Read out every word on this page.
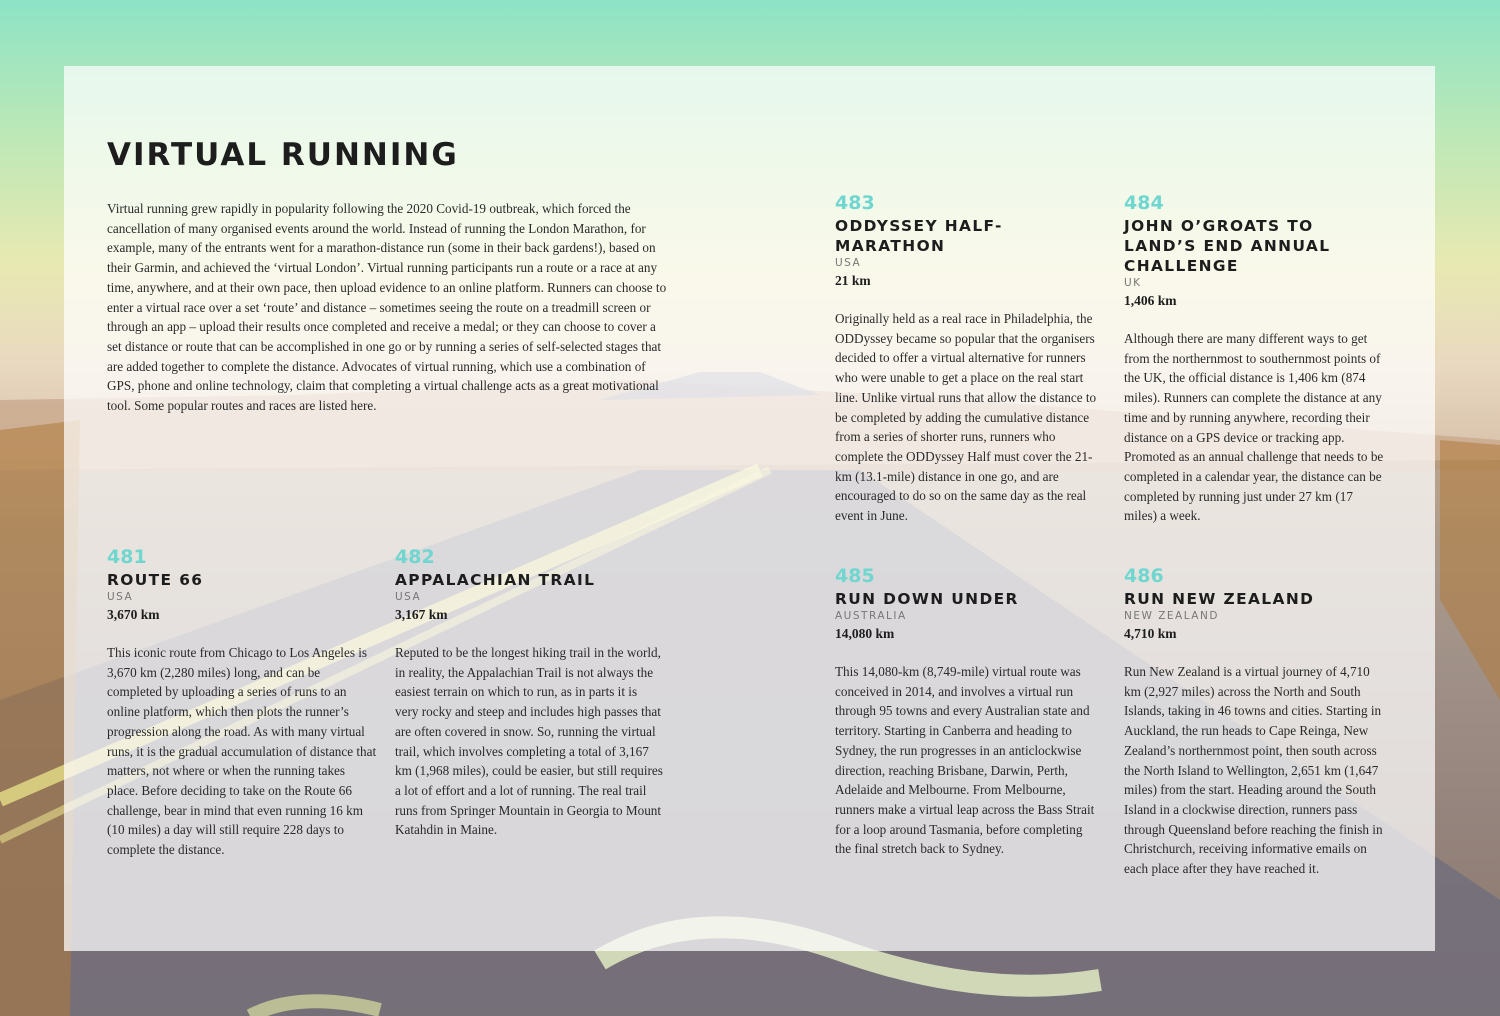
VIRTUAL RUNNING

Virtual running grew rapidly in popularity following the 2020 Covid-19 outbreak, which forced the cancellation of many organised events around the world. Instead of running the London Marathon, for example, many of the entrants went for a marathon-distance run (some in their back gardens!), based on their Garmin, and achieved the ‘virtual London’. Virtual running participants run a route or a race at any time, anywhere, and at their own pace, then upload evidence to an online platform. Runners can choose to enter a virtual race over a set ‘route’ and distance – sometimes seeing the route on a treadmill screen or through an app – upload their results once completed and receive a medal; or they can choose to cover a set distance or route that can be accomplished in one go or by running a series of self-selected stages that are added together to complete the distance. Advocates of virtual running, which use a combination of GPS, phone and online technology, claim that completing a virtual challenge acts as a great motivational tool. Some popular routes and races are listed here.

481
ROUTE 66
USA
3,670 km

This iconic route from Chicago to Los Angeles is 3,670 km (2,280 miles) long, and can be completed by uploading a series of runs to an online platform, which then plots the runner’s progression along the road. As with many virtual runs, it is the gradual accumulation of distance that matters, not where or when the running takes place. Before deciding to take on the Route 66 challenge, bear in mind that even running 16 km (10 miles) a day will still require 228 days to complete the distance.

482
APPALACHIAN TRAIL
USA
3,167 km

Reputed to be the longest hiking trail in the world, in reality, the Appalachian Trail is not always the easiest terrain on which to run, as in parts it is very rocky and steep and includes high passes that are often covered in snow. So, running the virtual trail, which involves completing a total of 3,167 km (1,968 miles), could be easier, but still requires a lot of effort and a lot of running. The real trail runs from Springer Mountain in Georgia to Mount Katahdin in Maine.

483
ODDYSSEY HALF-MARATHON
USA
21 km

Originally held as a real race in Philadelphia, the ODDyssey became so popular that the organisers decided to offer a virtual alternative for runners who were unable to get a place on the real start line. Unlike virtual runs that allow the distance to be completed by adding the cumulative distance from a series of shorter runs, runners who complete the ODDyssey Half must cover the 21-km (13.1-mile) distance in one go, and are encouraged to do so on the same day as the real event in June.

484
JOHN O’GROATS TO LAND’S END ANNUAL CHALLENGE
UK
1,406 km

Although there are many different ways to get from the northernmost to southernmost points of the UK, the official distance is 1,406 km (874 miles). Runners can complete the distance at any time and by running anywhere, recording their distance on a GPS device or tracking app. Promoted as an annual challenge that needs to be completed in a calendar year, the distance can be completed by running just under 27 km (17 miles) a week.

485
RUN DOWN UNDER
AUSTRALIA
14,080 km

This 14,080-km (8,749-mile) virtual route was conceived in 2014, and involves a virtual run through 95 towns and every Australian state and territory. Starting in Canberra and heading to Sydney, the run progresses in an anticlockwise direction, reaching Brisbane, Darwin, Perth, Adelaide and Melbourne. From Melbourne, runners make a virtual leap across the Bass Strait for a loop around Tasmania, before completing the final stretch back to Sydney.

486
RUN NEW ZEALAND
NEW ZEALAND
4,710 km

Run New Zealand is a virtual journey of 4,710 km (2,927 miles) across the North and South Islands, taking in 46 towns and cities. Starting in Auckland, the run heads to Cape Reinga, New Zealand’s northernmost point, then south across the North Island to Wellington, 2,651 km (1,647 miles) from the start. Heading around the South Island in a clockwise direction, runners pass through Queensland before reaching the finish in Christchurch, receiving informative emails on each place after they have reached it.
